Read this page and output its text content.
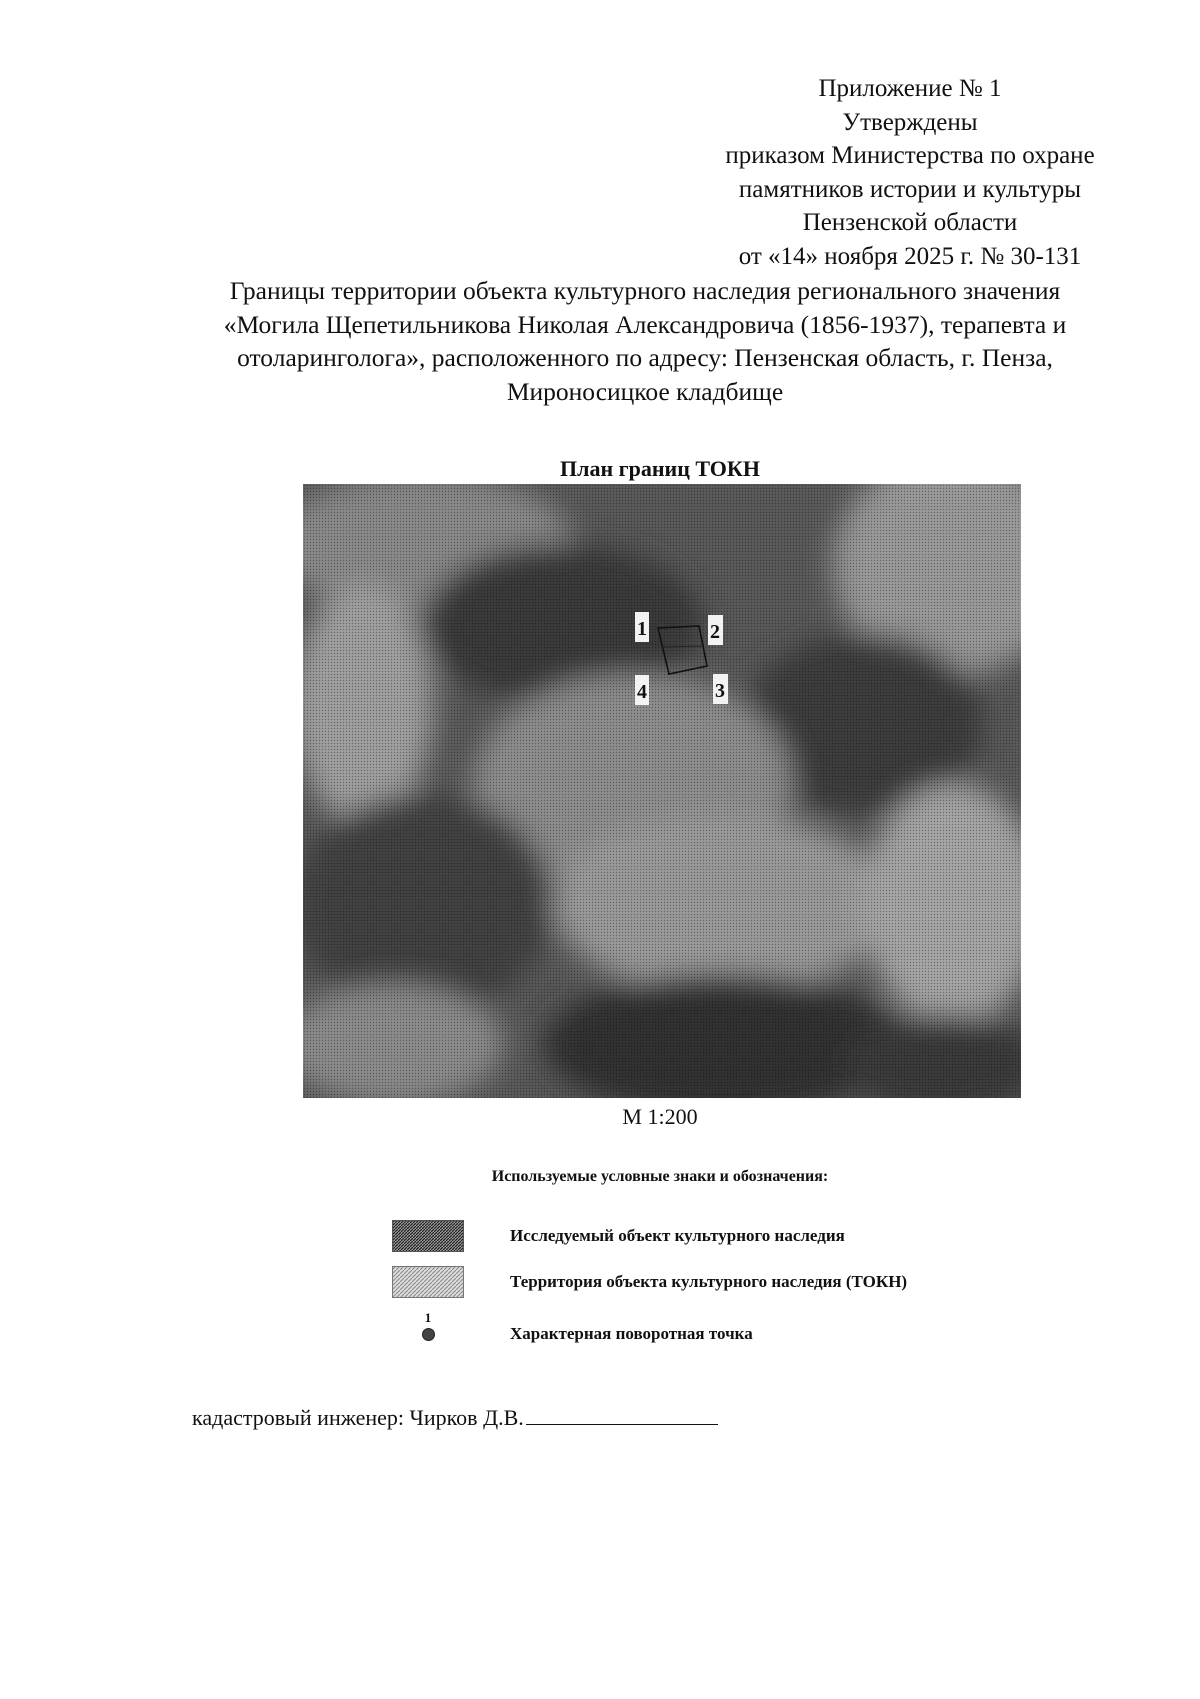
Приложение № 1
Утверждены
приказом Министерства по охране
памятников истории и культуры
Пензенской области
от «14» ноября 2025 г. № 30-131
Границы территории объекта культурного наследия регионального значения
«Могила Щепетильникова Николая Александровича (1856-1937), терапевта и
отоларинголога», расположенного по адресу: Пензенская область, г. Пенза,
Мироносицкое кладбище
План границ ТОКН
1	2
3
4
М 1:200
Используемые условные знаки и обозначения:
Исследуемый объект культурного наследия
Территория объекта культурного наследия (ТОКН)
1
Характерная поворотная точка
кадастровый инженер: Чирков Д.В.
